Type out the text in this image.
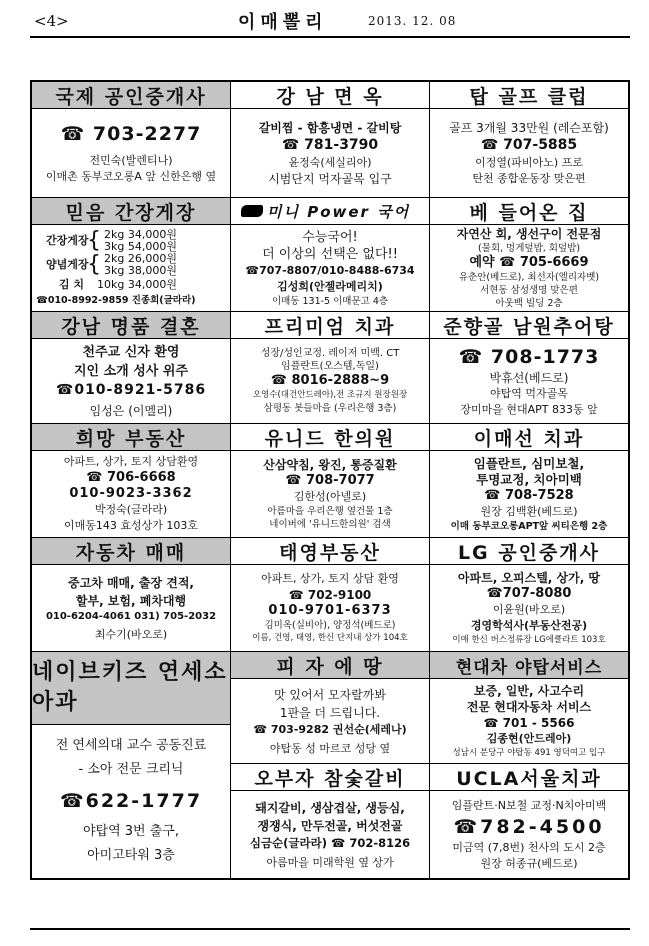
<4>	이매뽈리	2013. 12. 08
국제 공인중개사
☎ 703-2277
전민숙(발렌티나)
이매촌 동부코오롱A 앞 신한은행 옆
강 남 면 옥
갈비찜 - 함흥냉면 - 갈비탕
☎ 781-3790
윤정숙(세실리아)
시범단지 먹자골목 입구
탑 골프 클럽
골프 3개월 33만원 (레슨포함)
☎ 707-5885
이정열(파비아노) 프로
탄천 종합운동장 맞은편
믿음 간장게장
간장게장
{ 2kg 34,000원
3kg 54,000원
양념게장
{ 2kg 26,000원
3kg 38,000원
김 치 10kg 34,000원
☎010-8992-9859 진종희(글라라)
미니 Power 국어
수능국어!
더 이상의 선택은 없다!!
☎707-8807/010-8488-6734
김성희(안젤라메리치)
이매동 131-5 이매문고 4층
베 들어온 집
자연산 회, 생선구이 전문점
(물회, 멍게덮밥, 회덮밥)
예약 ☎ 705-6669
유춘안(베드로), 최선자(엘리자벳)
서현동 삼성생명 맞은편
아웃백 빌딩 2층
강남 명품 결혼
천주교 신자 환영
지인 소개 성사 위주
☎010-8921-5786
임성은 (이멜리)
프리미엄 치과
성장/성인교정. 레이저 미백. CT
임플란트(오스템,독일)
☎ 8016-2888~9
오영수(대건안드레아),전 조규지 원장원장
삼평동 봇들마을 (우리은행 3층)
준향골 남원추어탕
☎ 708-1773
박휴선(베드로)
야탑역 먹자골목
장미마을 현대APT 833동 앞
희망 부동산
아파트, 상가, 토지 상담환영
☎ 706-6668
010-9023-3362
박정숙(글라라)
이매동143 효성상가 103호
유니드 한의원
산삼약침, 왕진, 통증질환
☎ 708-7077
김한성(아넬로)
아름마을 우리은행 옆건물 1층
네이버에 '유니드한의원' 검색
이매선 치과
임플란트, 심미보철,
투명교정, 치아미백
☎ 708-7528
원장 김백환(베드로)
이매 동부코오롱APT앞 씨티은행 2층
자동차 매매
중고차 매매, 출장 견적,
할부, 보험, 폐차대행
010-6204-4061 031) 705-2032
최수기(바오로)
태영부동산
아파트, 상가, 토지 상담 환영
☎ 702-9100
010-9701-6373
김미옥(실비아), 양정석(베드로)
이름, 건영, 태영, 한신 단지내 상가 104호
LG 공인중개사
아파트, 오피스텔, 상가, 땅
☎707-8080
이윤원(바오로)
경영학석사(부동산전공)
이매 한신 버스정류장 LG에클라트 103호
네이브키즈 연세소아과
전 연세의대 교수 공동진료
- 소아 전문 크리닉
☎622-1777
야탑역 3번 출구,
아미고타워 3층
피 자 에 땅
맛 있어서 모자랄까봐
1판을 더 드립니다.
☎ 703-9282 권선순(세레나)
야탑동 성 마르코 성당 옆
현대차 야탑서비스
보증, 일반, 사고수리
전문 현대자동차 서비스
☎ 701 - 5566
김종현(안드레아)
성남시 분당구 야탑동 491 영덕여고 입구
오부자 참숯갈비
돼지갈비, 생삼겹살, 생등심,
쟁쟁식, 만두전골, 버섯전골
심금순(글라라) ☎ 702-8126
아름마을 미래학원 옆 상가
UCLA서울치과
임플란트·N보철 교정·N치아미백
☎782-4500
미금역 (7,8번) 천사의 도시 2층
원장 허종규(베드로)
